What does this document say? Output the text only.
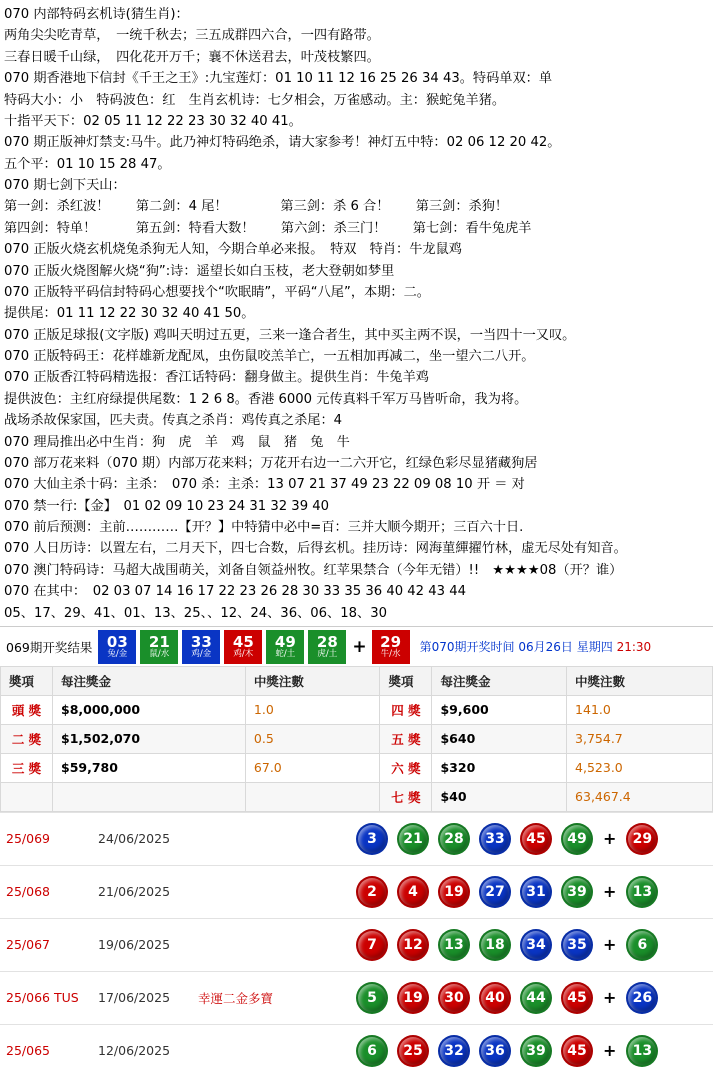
070 内部特码玄机诗(猜生肖)：
两角尖尖吃青草，　一统千秋去；三五成群四六合，一四有路带。
三春日暖千山绿，　四化花开万千；襄不休送君去，叶茂枝繁四。
070 期香港地下信封《千王之王》:九宝莲灯：01 10 11 12 16 25 26 34 43。特码单双：单
特码大小：小　特码波色：红　生肖玄机诗：七夕相会，万雀感动。主：猴蛇兔羊猪。
十指平天下：02 05 11 12 22 23 30 32 40 41。
070 期正版神灯禁支:马牛。此乃神灯特码绝杀，请大家参考！神灯五中特：02 06 12 20 42。
五个平：01 10 15 28 47。
070 期七剑下天山：
第一剑：杀红波！　　第二剑：4 尾！　　　　第三剑：杀 6 合！　　第三剑：杀狗！
第四剑：特单！　　　第五剑：特看大数！　　第六剑：杀三门！　　第七剑：看牛兔虎羊
070 正版火烧玄机烧兔杀狗无人知，今期合单必来报。　特双　特肖：牛龙鼠鸡
070 正版火烧图解火烧“狗”:诗：遥望长如白玉枝，老大登朝如梦里
070 正版特平码信封特码心想要找个“吹眠睛”，平码“八尾”，本期：二。
提供尾：01 11 12 22 30 32 40 41 50。
070 正版足球报(文字版) 鸡叫天明过五更，三来一逢合者生，其中买主两不误，一当四十一又叹。
070 正版特码王：花样雄新龙配凤，虫伤鼠咬羔羊亡，一五相加再减二，坐一望六二八开。
070 正版香江特码精选报：香江话特码：翻身做主。提供生肖：牛兔羊鸡
提供波色：主红府绿提供尾数：1 2 6 8。香港 6000 元传真料千军万马皆听命，我为将。
战场杀故保家国，匹夫责。传真之杀肖：鸡传真之杀尾：4
070 理局推出必中生肖：狗　虎　羊　鸡　鼠　猪　兔　牛
070 部万花来料（070 期）内部万花来料；万花开右边一二六开它，红绿色彩尽显猪藏狗居
070 大仙主杀十码：主杀：　070 杀：主杀：13 07 21 37 49 23 22 09 08 10 开 ＝ 对
070 禁一行:【金】　01 02 09 10 23 24 31 32 39 40
070 前后预测：主前…………【开？】中特猜中必中=百：三并大顺今期开；三百六十日.
070 人日历诗：以置左右，二月天下，四七合数，后得玄机。挂历诗：网海菫繟擢竹林，虚无尽处有知音。
070 澳门特码诗：马超大战围萌关，刘备自领益州牧。红苹果禁合（今年无错）!!　★★★★08（开？谁）
070 在其中：　02 03 07 14 16 17 22 23 26 28 30 33 35 36 40 42 43 44
05、17、29、41、01、13、25、、12、24、36、06、18、30
069期开奖结果 03
兔/金
21
鼠/水
33
鸡/金
45
鸡/木
49
蛇/土
28
虎/土 + 29
牛/水	第070期开奖时间 06月26日 星期四 21:30
奬項	每注獎金	中獎注數	奬項	每注獎金	中獎注數
頭 獎	$8,000,000	1.0	四 獎	$9,600	141.0
二 獎	$1,502,070	0.5	五 獎	$640	3,754.7
三 獎	$59,780	67.0	六 獎	$320	4,523.0
			七 獎	$40	63,467.4
25/069	24/06/2025		3	21	28	33	45	49	+	29

25/068	21/06/2025		2	4	19	27	31	39	+	13

25/067	19/06/2025		7	12	13	18	34	35	+	6

25/066 TUS	17/06/2025	幸運二金多寶	5	19	30	40	44	45	+	26

25/065	12/06/2025		6	25	32	36	39	45	+	13
